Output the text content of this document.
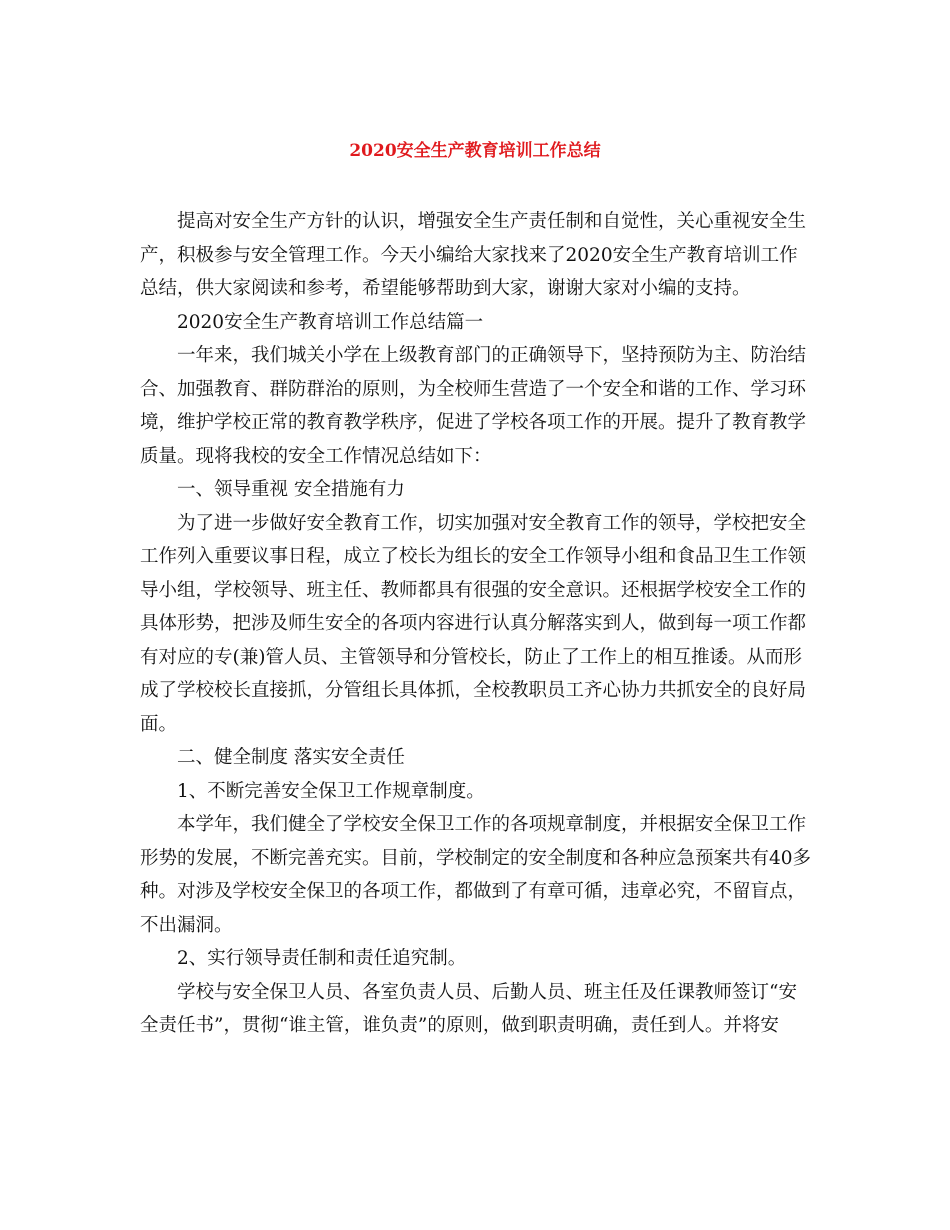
2020安全生产教育培训工作总结

提高对安全生产方针的认识，增强安全生产责任制和自觉性，关心重视安全生产，积极参与安全管理工作。今天小编给大家找来了2020安全生产教育培训工作总结，供大家阅读和参考，希望能够帮助到大家，谢谢大家对小编的支持。

2020安全生产教育培训工作总结篇一

一年来，我们城关小学在上级教育部门的正确领导下，坚持预防为主、防治结合、加强教育、群防群治的原则，为全校师生营造了一个安全和谐的工作、学习环境，维护学校正常的教育教学秩序，促进了学校各项工作的开展。提升了教育教学质量。现将我校的安全工作情况总结如下：

一、领导重视 安全措施有力

为了进一步做好安全教育工作，切实加强对安全教育工作的领导，学校把安全工作列入重要议事日程，成立了校长为组长的安全工作领导小组和食品卫生工作领导小组，学校领导、班主任、教师都具有很强的安全意识。还根据学校安全工作的具体形势，把涉及师生安全的各项内容进行认真分解落实到人，做到每一项工作都有对应的专(兼)管人员、主管领导和分管校长，防止了工作上的相互推诿。从而形成了学校校长直接抓，分管组长具体抓，全校教职员工齐心协力共抓安全的良好局面。

二、健全制度 落实安全责任

1、不断完善安全保卫工作规章制度。

本学年，我们健全了学校安全保卫工作的各项规章制度，并根据安全保卫工作形势的发展，不断完善充实。目前，学校制定的安全制度和各种应急预案共有40多种。对涉及学校安全保卫的各项工作，都做到了有章可循，违章必究，不留盲点，不出漏洞。

2、实行领导责任制和责任追究制。

学校与安全保卫人员、各室负责人员、后勤人员、班主任及任课教师签订“安全责任书”，贯彻“谁主管，谁负责”的原则，做到职责明确，责任到人。并将安
